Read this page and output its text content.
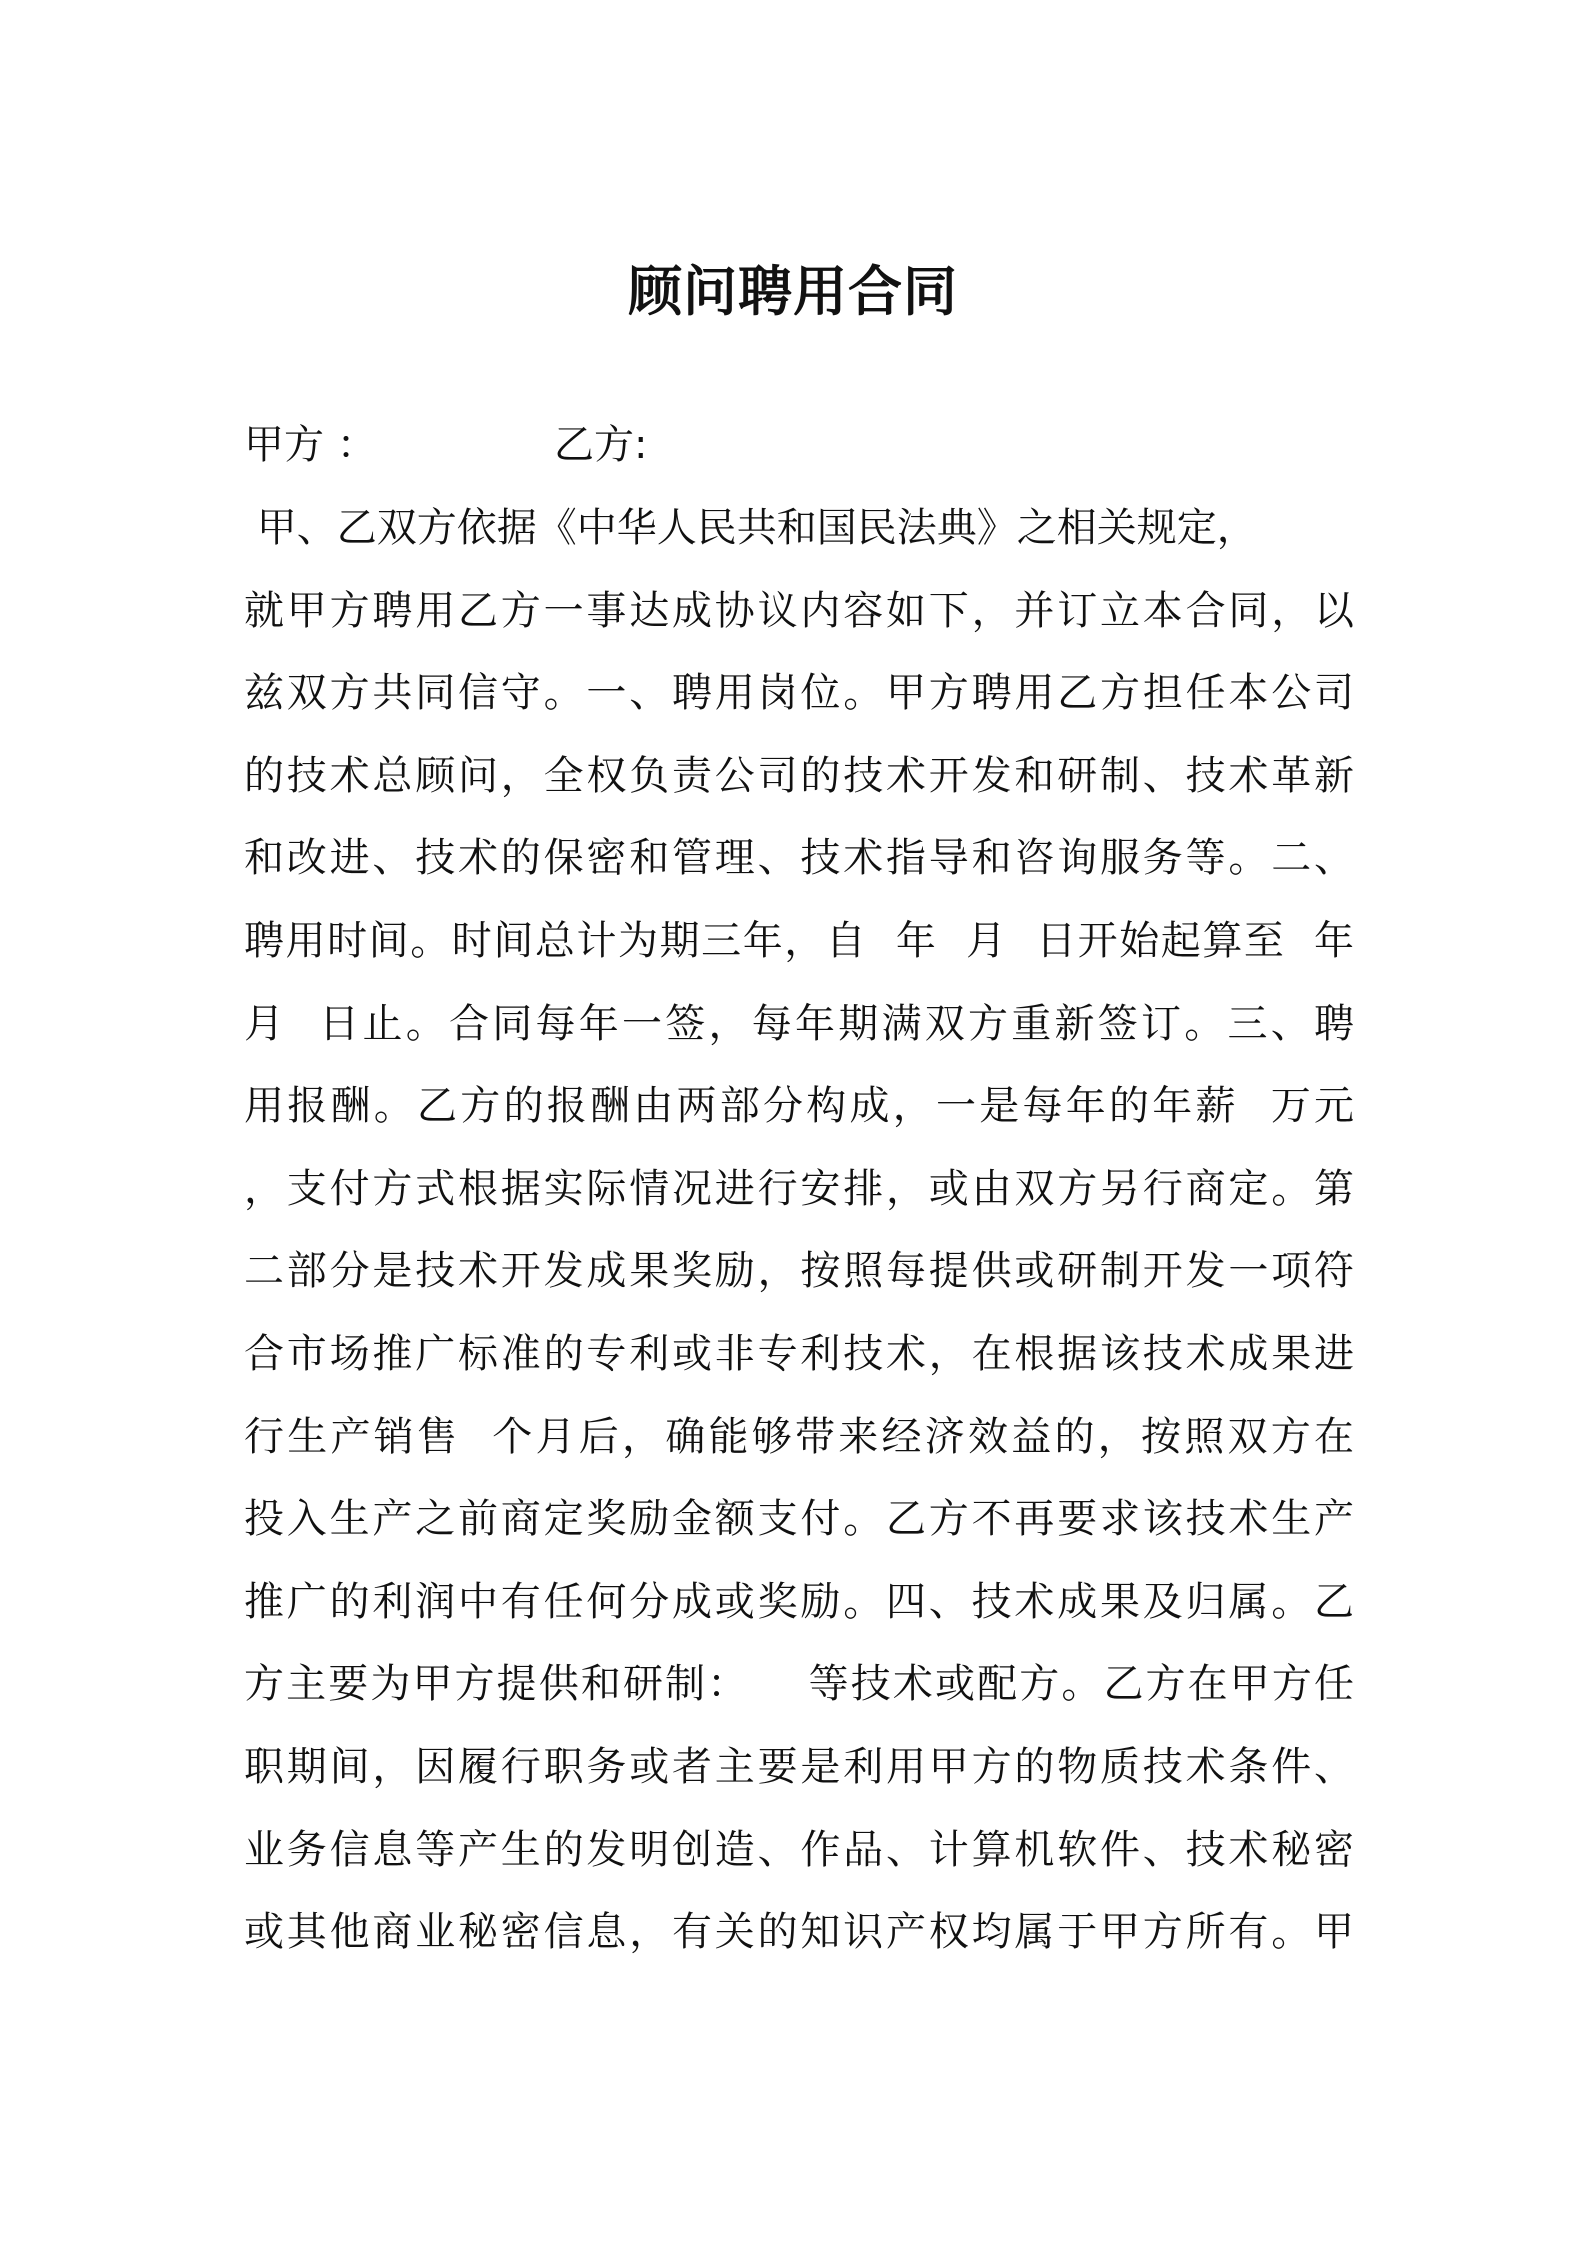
顾问聘用合同

甲方 ：

	乙方:

甲、乙双方依据《中华人民共和国民法典》之相关规定，
就甲方聘用乙方一事达成协议内容如下，并订立本合同，以
兹双方共同信守。一、聘用岗位。甲方聘用乙方担任本公司
的技术总顾问，全权负责公司的技术开发和研制、技术革新
和改进、技术的保密和管理、技术指导和咨询服务等。二、
聘用时间。时间总计为期三年，自  年  月  日开始起算至  年
月  日止。合同每年一签，每年期满双方重新签订。三、聘
用报酬。乙方的报酬由两部分构成，一是每年的年薪  万元
，支付方式根据实际情况进行安排，或由双方另行商定。第
二部分是技术开发成果奖励，按照每提供或研制开发一项符
合市场推广标准的专利或非专利技术，在根据该技术成果进
行生产销售  个月后，确能够带来经济效益的，按照双方在
投入生产之前商定奖励金额支付。乙方不再要求该技术生产
推广的利润中有任何分成或奖励。四、技术成果及归属。乙
方主要为甲方提供和研制：    等技术或配方。乙方在甲方任
职期间，因履行职务或者主要是利用甲方的物质技术条件、
业务信息等产生的发明创造、作品、计算机软件、技术秘密
或其他商业秘密信息，有关的知识产权均属于甲方所有。甲
